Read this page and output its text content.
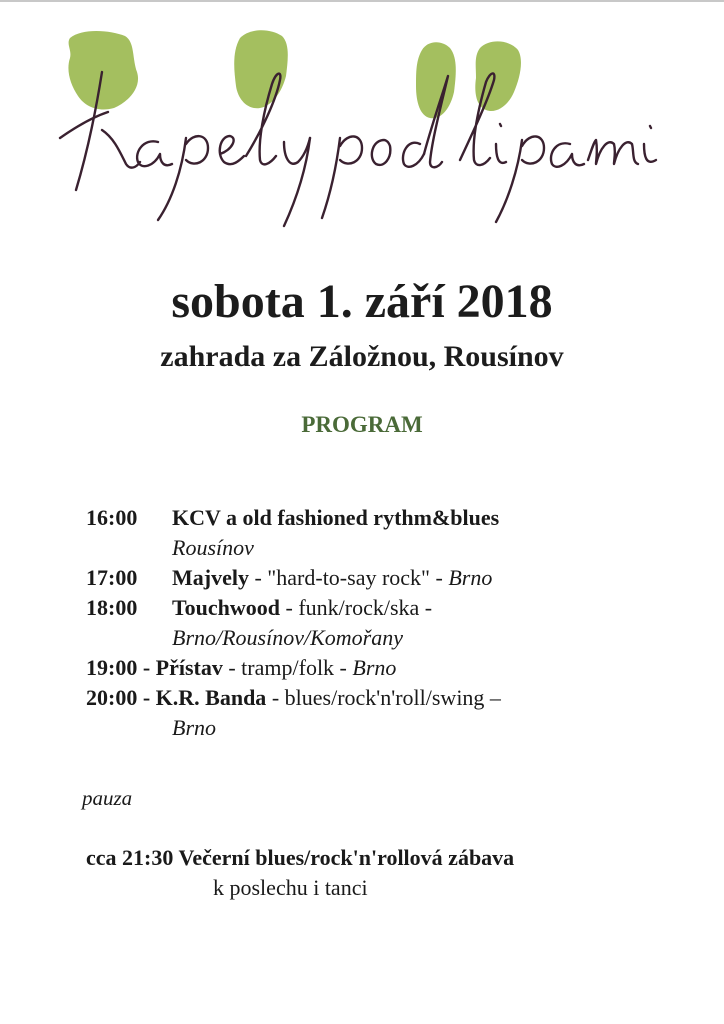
Kapely pod lipami
sobota 1. září 2018
zahrada za Záložnou, Rousínov
PROGRAM
16:00 KCV a old fashioned rythm&blues
Rousínov
17:00 Majvely - "hard-to-say rock" - Brno
18:00 Touchwood - funk/rock/ska -
Brno/Rousínov/Komořany
19:00 - Přístav - tramp/folk - Brno
20:00 - K.R. Banda - blues/rock'n'roll/swing –
Brno
pauza
cca 21:30 Večerní blues/rock'n'rollová zábava
k poslechu i tanci
